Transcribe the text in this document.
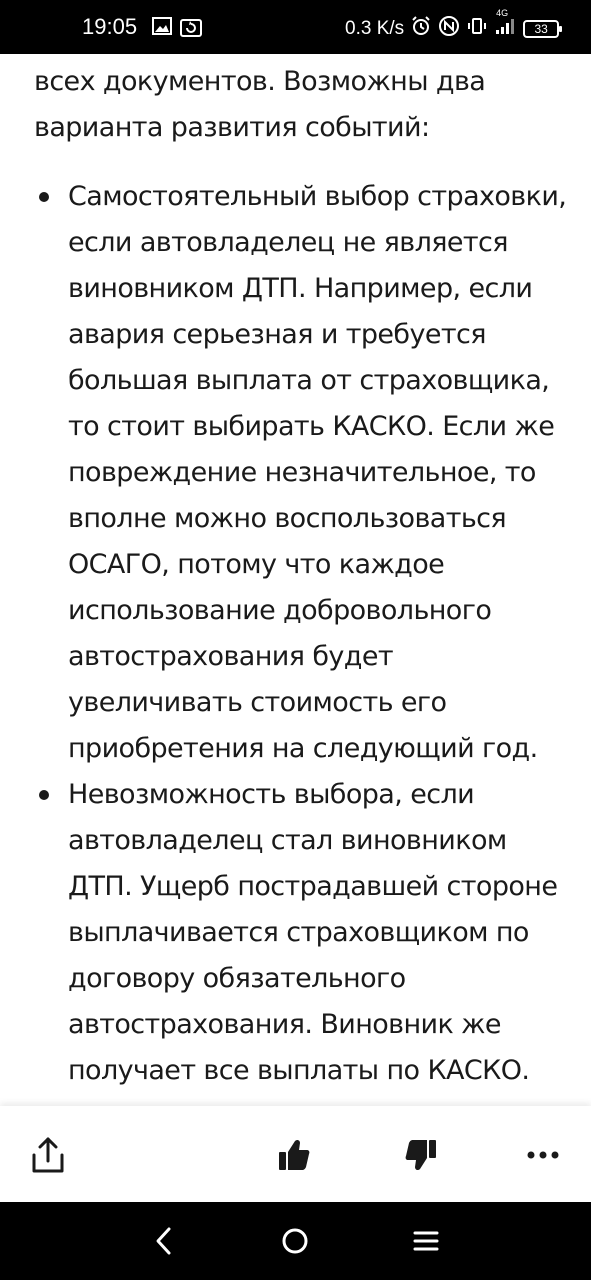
19:05	0.3 K/s
4G
33

всех документов. Возможны два варианта развития событий:

Самостоятельный выбор страховки, если автовладелец не является виновником ДТП. Например, если авария серьезная и требуется большая выплата от страховщика, то стоит выбирать КАСКО. Если же повреждение незначительное, то вполне можно воспользоваться ОСАГО, потому что каждое использование добровольного автострахования будет увеличивать стоимость его приобретения на следующий год.
Невозможность выбора, если автовладелец стал виновником ДТП. Ущерб пострадавшей стороне выплачивается страховщиком по договору обязательного автострахования. Виновник же получает все выплаты по КАСКО.
